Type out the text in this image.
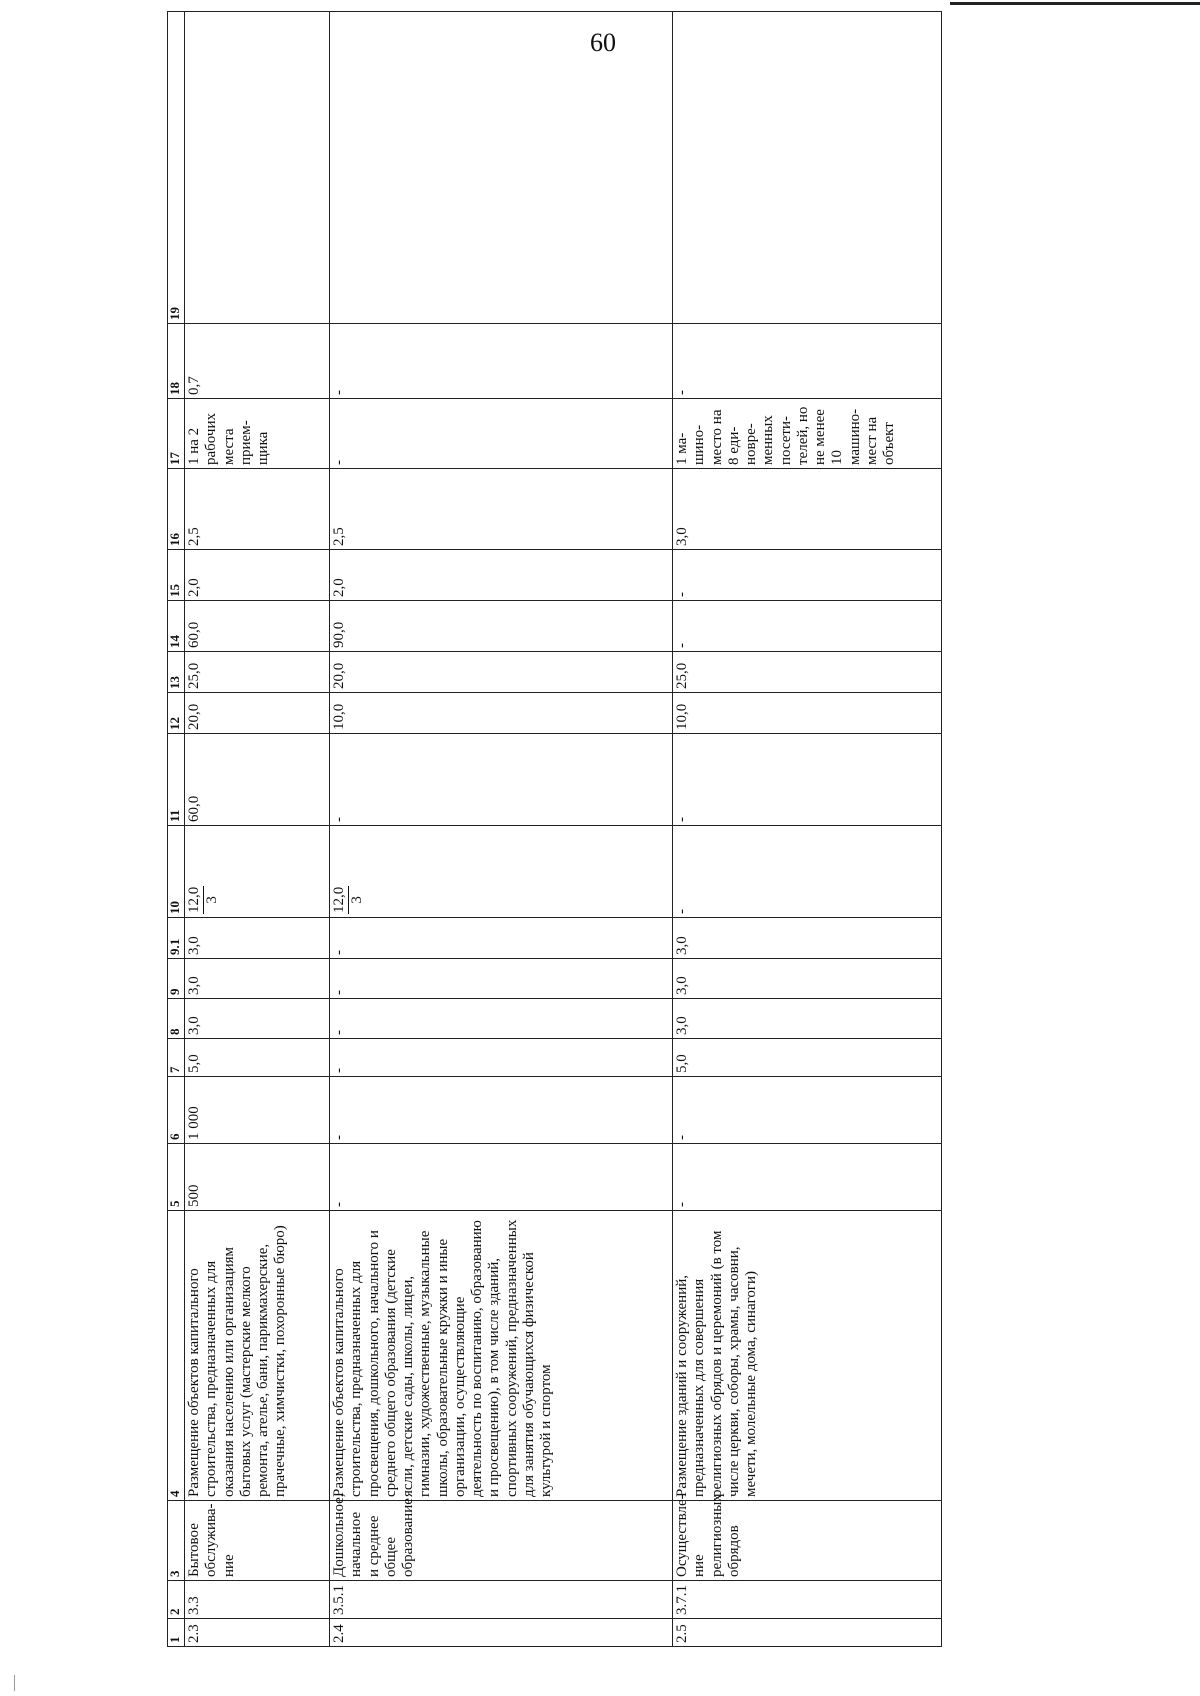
60
1	2	3	4	5	6	7	8	9	9.1	10	11	12	13	14	15	16	17	18	19
2.3	3.3	Бытовое обслужива-ние	Размещение объектов капитального строительства, предназначенных для оказания населению или организациям бытовых услуг (мастерские мелкого ремонта, ателье, бани, парикмахерские, прачечные, химчистки, похоронные бюро)	500	1 000	5,0	3,0	3,0	3,0	12,0 3	60,0	20,0	25,0	60,0	2,0	2,5	1 на 2 рабочих места прием-щика	0,7	
2.4	3.5.1	Дошкольное, начальное и среднее общее образование	Размещение объектов капитального строительства, предназначенных для просвещения, дошкольного, начального и среднего общего образования (детские ясли, детские сады, школы, лицеи, гимназии, художественные, музыкальные школы, образовательные кружки и иные организации, осуществляющие деятельность по воспитанию, образованию и просвещению), в том числе зданий, спортивных сооружений, предназначенных для занятия обучающихся физической культурой и спортом	-	-	-	-	-	-	12,0 3	-	10,0	20,0	90,0	2,0	2,5	-	-	
2.5	3.7.1	Осуществле-ние религиозных обрядов	Размещение зданий и сооружений, предназначенных для совершения религиозных обрядов и церемоний (в том числе церкви, соборы, храмы, часовни, мечети, молельные дома, синагоги)	-	-	5,0	3,0	3,0	3,0	-	-	10,0	25,0	-	-	3,0	1 ма-шино-место на 8 еди-новре-менных посети-телей, но не менее 10 машино-мест на объект	-	
